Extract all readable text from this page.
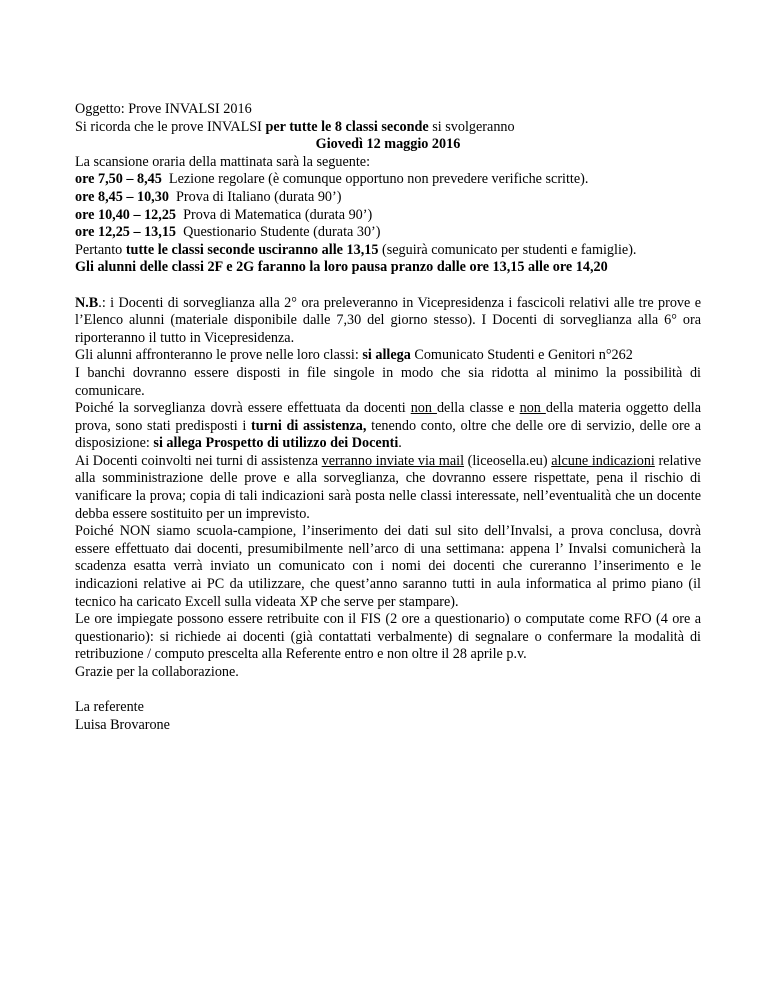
Oggetto: Prove INVALSI 2016
Si ricorda che le prove INVALSI per tutte le 8 classi seconde si svolgeranno
Giovedì 12 maggio 2016
La scansione oraria della mattinata sarà la seguente:
ore 7,50 – 8,45  Lezione regolare (è comunque opportuno non prevedere verifiche scritte).
ore 8,45 – 10,30  Prova di Italiano (durata 90’)
ore 10,40 – 12,25  Prova di Matematica (durata 90’)
ore 12,25 – 13,15  Questionario Studente (durata 30’)
Pertanto tutte le classi seconde usciranno alle 13,15 (seguirà comunicato per studenti e famiglie).
Gli alunni delle classi 2F e 2G faranno la loro pausa pranzo dalle ore 13,15 alle ore 14,20
N.B.: i Docenti di sorveglianza alla 2° ora preleveranno in Vicepresidenza i fascicoli relativi alle tre prove e l’Elenco alunni (materiale disponibile dalle 7,30 del giorno stesso). I Docenti di sorveglianza alla 6° ora riporteranno il tutto in Vicepresidenza.
Gli alunni affronteranno le prove nelle loro classi: si allega Comunicato Studenti e Genitori n°262
I banchi dovranno essere disposti in file singole in modo che sia ridotta al minimo la possibilità di comunicare.
Poiché la sorveglianza dovrà essere effettuata da docenti non della classe e non della materia oggetto della prova, sono stati predisposti i turni di assistenza, tenendo conto, oltre che delle ore di servizio, delle ore a disposizione: si allega Prospetto di utilizzo dei Docenti.
Ai Docenti coinvolti nei turni di assistenza verranno inviate via mail (liceosella.eu) alcune indicazioni relative alla somministrazione delle prove e alla sorveglianza, che dovranno essere rispettate, pena il rischio di vanificare la prova; copia di tali indicazioni sarà posta nelle classi interessate, nell’eventualità che un docente debba essere sostituito per un imprevisto.
Poiché NON siamo scuola-campione, l’inserimento dei dati sul sito dell’Invalsi, a prova conclusa, dovrà essere effettuato dai docenti, presumibilmente nell’arco di una settimana: appena l’ Invalsi comunicherà la scadenza esatta verrà inviato un comunicato con i nomi dei docenti che cureranno l’inserimento e le indicazioni relative ai PC da utilizzare, che quest’anno saranno tutti in aula informatica al primo piano (il tecnico ha caricato Excell sulla videata XP che serve per stampare).
Le ore impiegate possono essere retribuite con il FIS (2 ore a questionario) o computate come RFO (4 ore a questionario): si richiede ai docenti (già contattati verbalmente) di segnalare o confermare la modalità di retribuzione / computo prescelta alla Referente entro e non oltre il 28 aprile p.v.
Grazie per la collaborazione.
La referente
Luisa Brovarone
